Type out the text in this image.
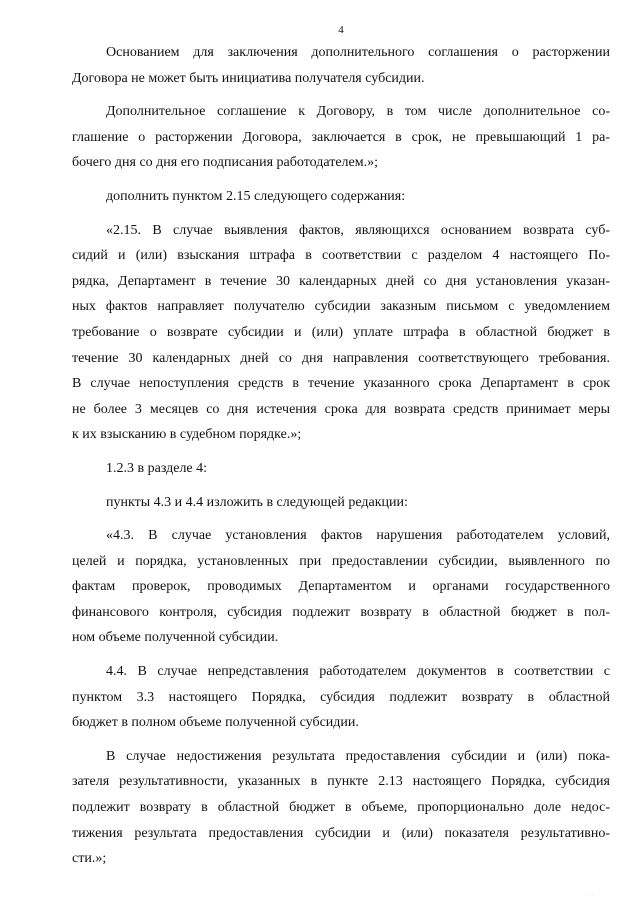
4
Основанием для заключения дополнительного соглашения о расторжении
Договора не может быть инициатива получателя субсидии.
Дополнительное соглашение к Договору, в том числе дополнительное со-
глашение о расторжении Договора, заключается в срок, не превышающий 1 ра-
бочего дня со дня его подписания работодателем.»;
дополнить пунктом 2.15 следующего содержания:
«2.15. В случае выявления фактов, являющихся основанием возврата суб-
сидий и (или) взыскания штрафа в соответствии с разделом 4 настоящего По-
рядка, Департамент в течение 30 календарных дней со дня установления указан-
ных фактов направляет получателю субсидии заказным письмом с уведомлением
требование о возврате субсидии и (или) уплате штрафа в областной бюджет в
течение 30 календарных дней со дня направления соответствующего требования.
В случае непоступления средств в течение указанного срока Департамент в срок
не более 3 месяцев со дня истечения срока для возврата средств принимает меры
к их взысканию в судебном порядке.»;
1.2.3 в разделе 4:
пункты 4.3 и 4.4 изложить в следующей редакции:
«4.3. В случае установления фактов нарушения работодателем условий,
целей и порядка, установленных при предоставлении субсидии, выявленного по
фактам проверок, проводимых Департаментом и органами государственного
финансового контроля, субсидия подлежит возврату в областной бюджет в пол-
ном объеме полученной субсидии.
4.4. В случае непредставления работодателем документов в соответствии с
пунктом 3.3 настоящего Порядка, субсидия подлежит возврату в областной
бюджет в полном объеме полученной субсидии.
В случае недостижения результата предоставления субсидии и (или) пока-
зателя результативности, указанных в пункте 2.13 настоящего Порядка, субсидия
подлежит возврату в областной бюджет в объеме, пропорционально доле недос-
тижения результата предоставления субсидии и (или) показателя результативно-
сти.»;
· ·
